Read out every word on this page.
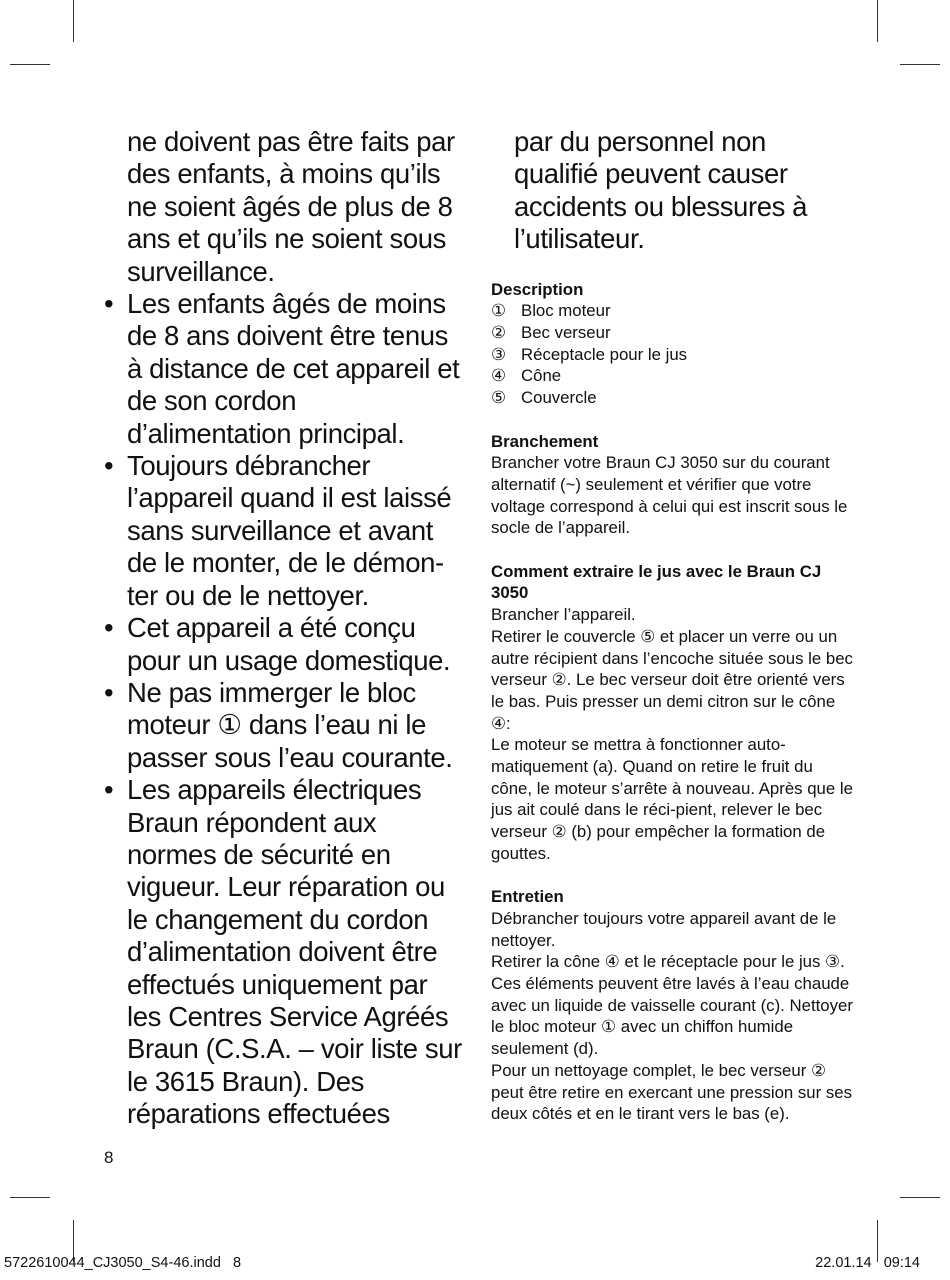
ne doivent pas être faits par des enfants, à moins qu’ils ne soient âgés de plus de 8 ans et qu’ils ne soient sous surveillance.

• Les enfants âgés de moins de 8 ans doivent être tenus à distance de cet appareil et de son cordon d’alimentation principal.
• Toujours débrancher l’appareil quand il est laissé sans surveillance et avant de le monter, de le démon-ter ou de le nettoyer.
• Cet appareil a été conçu pour un usage domestique.
• Ne pas immerger le bloc moteur ① dans l’eau ni le passer sous l’eau courante.
• Les appareils électriques Braun répondent aux normes de sécurité en vigueur. Leur réparation ou le changement du cordon d’alimentation doivent être effectués uniquement par les Centres Service Agréés Braun (C.S.A. – voir liste sur le 3615 Braun). Des réparations effectuées

par du personnel non qualifié peuvent causer accidents ou blessures à l’utilisateur.

Description
① Bloc moteur
② Bec verseur
③ Réceptacle pour le jus
④ Cône
⑤ Couvercle
Branchement

Brancher votre Braun CJ 3050 sur du courant alternatif (~) seulement et vérifier que votre voltage correspond à celui qui est inscrit sous le socle de l’appareil.

Comment extraire le jus avec le Braun CJ 3050

Brancher l’appareil.

Retirer le couvercle ⑤ et placer un verre ou un autre récipient dans l’encoche située sous le bec verseur ②. Le bec verseur doit être orienté vers le bas. Puis presser un demi citron sur le cône ④:

Le moteur se mettra à fonctionner auto-matiquement (a). Quand on retire le fruit du cône, le moteur s’arrête à nouveau. Après que le jus ait coulé dans le réci-pient, relever le bec verseur ② (b) pour empêcher la formation de gouttes.

Entretien

Débrancher toujours votre appareil avant de le nettoyer.

Retirer la cône ④ et le réceptacle pour le jus ③. Ces éléments peuvent être lavés à l’eau chaude avec un liquide de vaisselle courant (c). Nettoyer le bloc moteur ① avec un chiffon humide seulement (d).

Pour un nettoyage complet, le bec verseur ② peut être retire en exercant une pression sur ses deux côtés et en le tirant vers le bas (e).

8
5722610044_CJ3050_S4-46.indd   8	22.01.14   09:14
